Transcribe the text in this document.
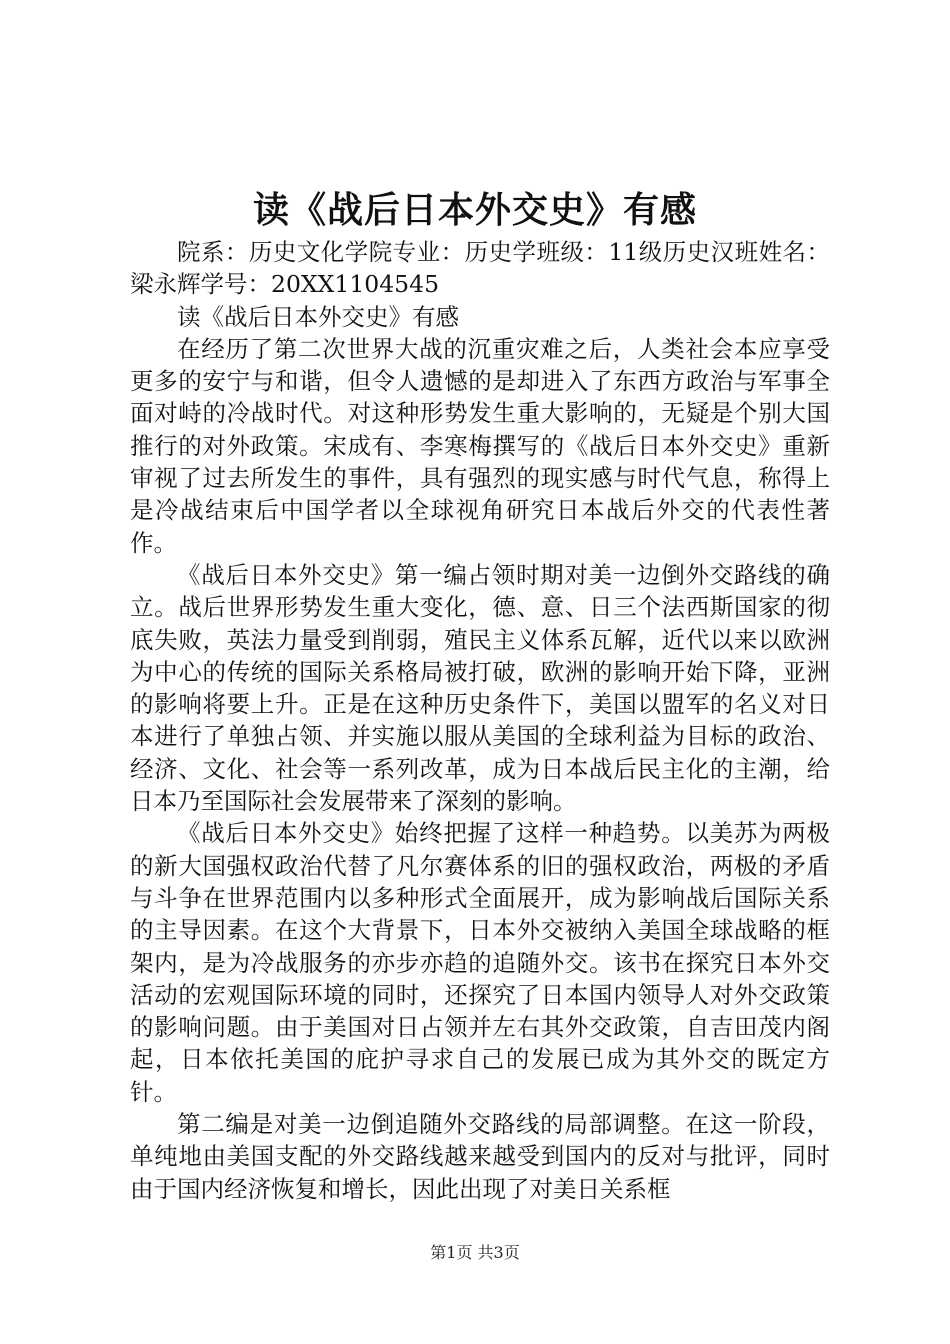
读《战后日本外交史》有感

院系：历史文化学院专业：历史学班级：11级历史汉班姓名：梁永辉学号：20XX1104545

读《战后日本外交史》有感

在经历了第二次世界大战的沉重灾难之后，人类社会本应享受更多的安宁与和谐，但令人遗憾的是却进入了东西方政治与军事全面对峙的冷战时代。对这种形势发生重大影响的，无疑是个别大国推行的对外政策。宋成有、李寒梅撰写的《战后日本外交史》重新审视了过去所发生的事件，具有强烈的现实感与时代气息，称得上是冷战结束后中国学者以全球视角研究日本战后外交的代表性著作。

《战后日本外交史》第一编占领时期对美一边倒外交路线的确立。战后世界形势发生重大变化，德、意、日三个法西斯国家的彻底失败，英法力量受到削弱，殖民主义体系瓦解，近代以来以欧洲为中心的传统的国际关系格局被打破，欧洲的影响开始下降，亚洲的影响将要上升。正是在这种历史条件下，美国以盟军的名义对日本进行了单独占领、并实施以服从美国的全球利益为目标的政治、经济、文化、社会等一系列改革，成为日本战后民主化的主潮，给日本乃至国际社会发展带来了深刻的影响。

《战后日本外交史》始终把握了这样一种趋势。以美苏为两极的新大国强权政治代替了凡尔赛体系的旧的强权政治，两极的矛盾与斗争在世界范围内以多种形式全面展开，成为影响战后国际关系的主导因素。在这个大背景下，日本外交被纳入美国全球战略的框架内，是为冷战服务的亦步亦趋的追随外交。该书在探究日本外交活动的宏观国际环境的同时，还探究了日本国内领导人对外交政策的影响问题。由于美国对日占领并左右其外交政策，自吉田茂内阁起，日本依托美国的庇护寻求自己的发展已成为其外交的既定方针。

第二编是对美一边倒追随外交路线的局部调整。在这一阶段，单纯地由美国支配的外交路线越来越受到国内的反对与批评，同时由于国内经济恢复和增长，因此出现了对美日关系框

第1页 共3页
